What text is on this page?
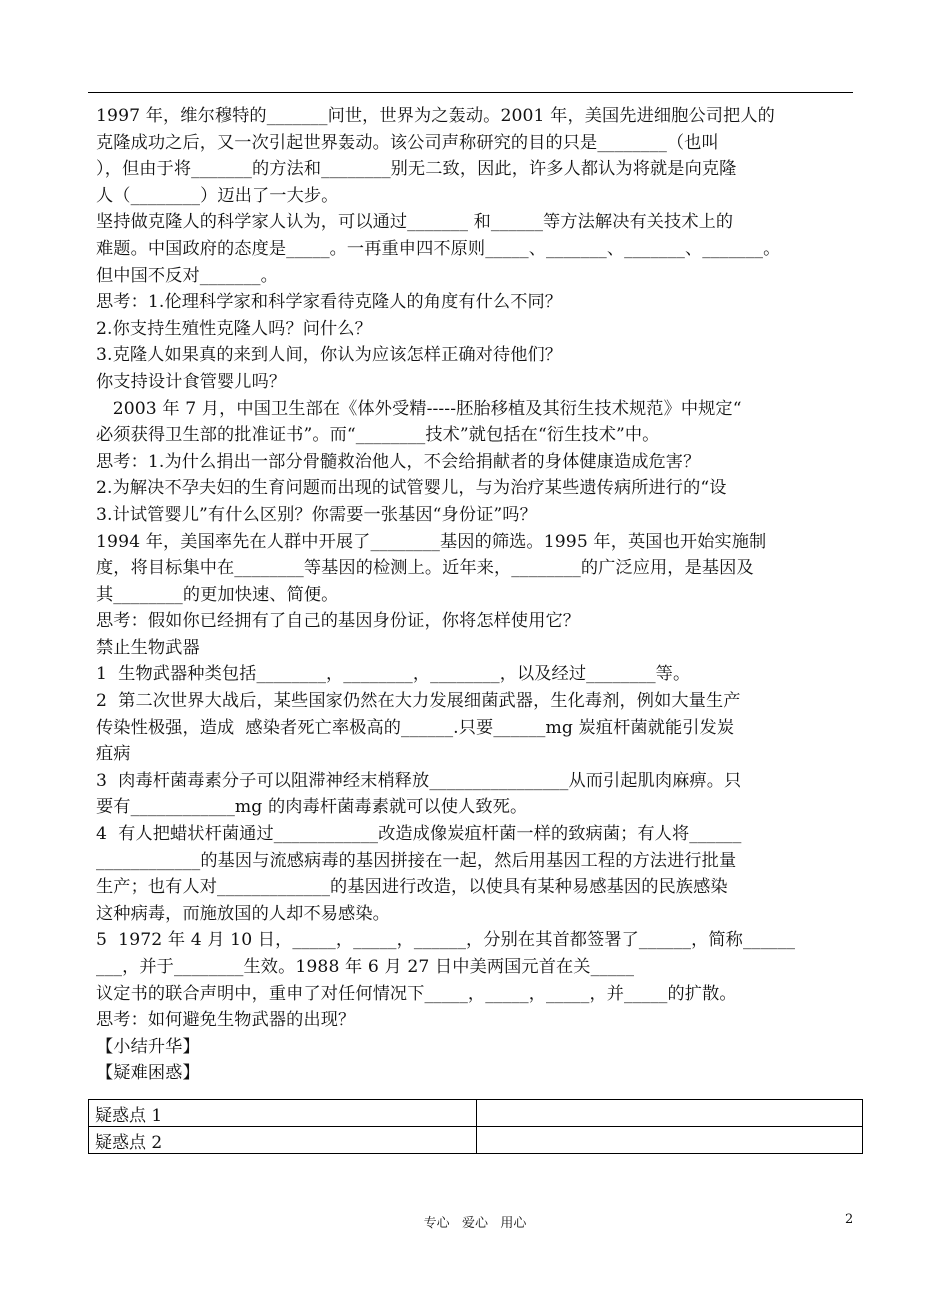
1997 年，维尔穆特的_______问世，世界为之轰动。2001 年，美国先进细胞公司把人的
克隆成功之后，又一次引起世界轰动。该公司声称研究的目的只是________（也叫
），但由于将_______的方法和________别无二致，因此，许多人都认为将就是向克隆
人（________）迈出了一大步。
坚持做克隆人的科学家人认为，可以通过_______ 和______等方法解决有关技术上的
难题。中国政府的态度是_____。一再重申四不原则_____、_______、_______、_______。
但中国不反对_______。
思考：1.伦理科学家和科学家看待克隆人的角度有什么不同？
2.你支持生殖性克隆人吗？问什么？
3.克隆人如果真的来到人间，你认为应该怎样正确对待他们？
你支持设计食管婴儿吗？
2003 年 7 月，中国卫生部在《体外受精-----胚胎移植及其衍生技术规范》中规定“
必须获得卫生部的批准证书”。而“________技术”就包括在“衍生技术”中。
思考：1.为什么捐出一部分骨髓救治他人，不会给捐献者的身体健康造成危害？
2.为解决不孕夫妇的生育问题而出现的试管婴儿，与为治疗某些遗传病所进行的“设
3.计试管婴儿”有什么区别？你需要一张基因“身份证”吗？
1994 年，美国率先在人群中开展了________基因的筛选。1995 年，英国也开始实施制
度，将目标集中在________等基因的检测上。近年来，________的广泛应用，是基因及
其________的更加快速、简便。
思考：假如你已经拥有了自己的基因身份证，你将怎样使用它？
禁止生物武器
1  生物武器种类包括________，________，________，以及经过________等。
2  第二次世界大战后，某些国家仍然在大力发展细菌武器，生化毒剂，例如大量生产
传染性极强，造成  感染者死亡率极高的______.只要______mg 炭疽杆菌就能引发炭
疽病
3  肉毒杆菌毒素分子可以阻滞神经末梢释放________________从而引起肌肉麻痹。只
要有____________mg 的肉毒杆菌毒素就可以使人致死。
4  有人把蜡状杆菌通过____________改造成像炭疽杆菌一样的致病菌；有人将______
____________的基因与流感病毒的基因拼接在一起，然后用基因工程的方法进行批量
生产；也有人对_____________的基因进行改造，以使具有某种易感基因的民族感染
这种病毒，而施放国的人却不易感染。
5  1972 年 4 月 10 日，_____，_____，______，分别在其首都签署了______，简称______
___，并于________生效。1988 年 6 月 27 日中美两国元首在关_____
议定书的联合声明中，重申了对任何情况下_____，_____，_____，并_____的扩散。
思考：如何避免生物武器的出现？
【小结升华】
【疑难困惑】
疑惑点 1	
疑惑点 2	
专心   爱心   用心	2
